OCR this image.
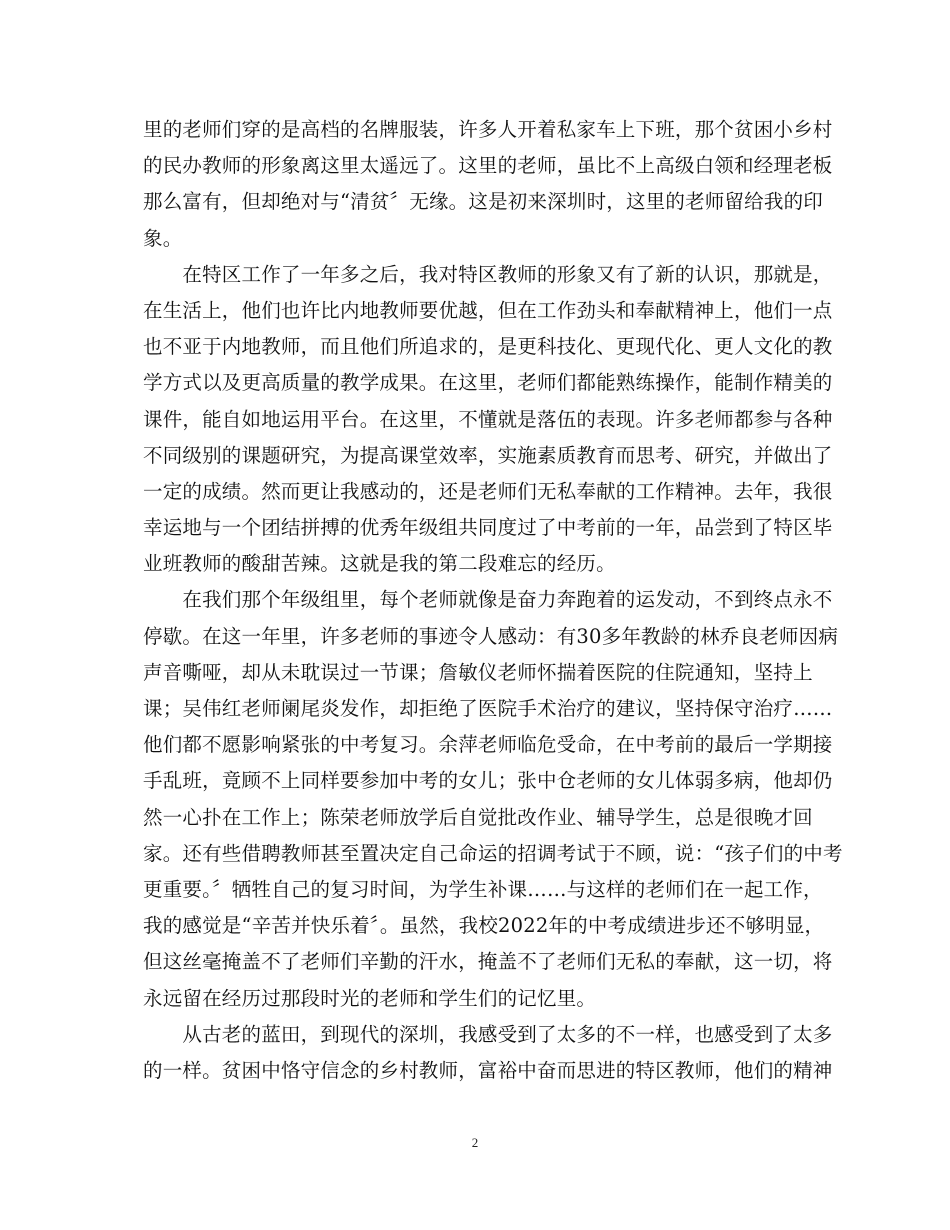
里的老师们穿的是高档的名牌服装，许多人开着私家车上下班，那个贫困小乡村
的民办教师的形象离这里太遥远了。这里的老师，虽比不上高级白领和经理老板
那么富有，但却绝对与“清贫〞无缘。这是初来深圳时，这里的老师留给我的印
象。
　　在特区工作了一年多之后，我对特区教师的形象又有了新的认识，那就是，
在生活上，他们也许比内地教师要优越，但在工作劲头和奉献精神上，他们一点
也不亚于内地教师，而且他们所追求的，是更科技化、更现代化、更人文化的教
学方式以及更高质量的教学成果。在这里，老师们都能熟练操作，能制作精美的
课件，能自如地运用平台。在这里，不懂就是落伍的表现。许多老师都参与各种
不同级别的课题研究，为提高课堂效率，实施素质教育而思考、研究，并做出了
一定的成绩。然而更让我感动的，还是老师们无私奉献的工作精神。去年，我很
幸运地与一个团结拼搏的优秀年级组共同度过了中考前的一年，品尝到了特区毕
业班教师的酸甜苦辣。这就是我的第二段难忘的经历。
　　在我们那个年级组里，每个老师就像是奋力奔跑着的运发动，不到终点永不
停歇。在这一年里，许多老师的事迹令人感动：有30多年教龄的林乔良老师因病
声音嘶哑，却从未耽误过一节课；詹敏仪老师怀揣着医院的住院通知，坚持上
课；吴伟红老师阑尾炎发作，却拒绝了医院手术治疗的建议，坚持保守治疗……
他们都不愿影响紧张的中考复习。余萍老师临危受命，在中考前的最后一学期接
手乱班，竟顾不上同样要参加中考的女儿；张中仓老师的女儿体弱多病，他却仍
然一心扑在工作上；陈荣老师放学后自觉批改作业、辅导学生，总是很晚才回
家。还有些借聘教师甚至置决定自己命运的招调考试于不顾，说：“孩子们的中考
更重要。〞牺牲自己的复习时间，为学生补课……与这样的老师们在一起工作，
我的感觉是“辛苦并快乐着〞。虽然，我校2022年的中考成绩进步还不够明显，
但这丝毫掩盖不了老师们辛勤的汗水，掩盖不了老师们无私的奉献，这一切，将
永远留在经历过那段时光的老师和学生们的记忆里。
　　从古老的蓝田，到现代的深圳，我感受到了太多的不一样，也感受到了太多
的一样。贫困中恪守信念的乡村教师，富裕中奋而思进的特区教师，他们的精神
2
